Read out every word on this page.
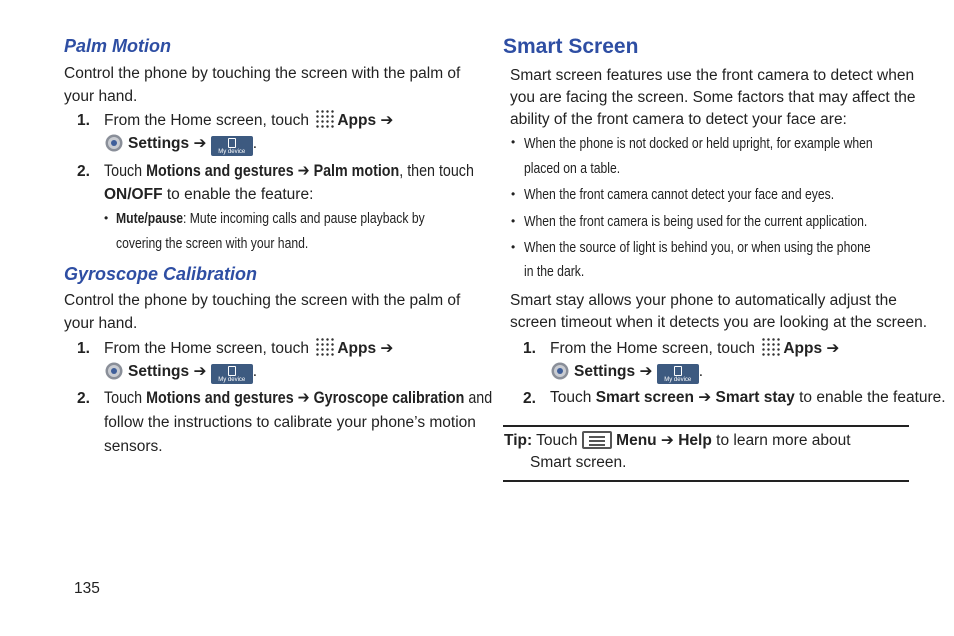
Palm Motion
Control the phone by touching the screen with the palm of
your hand.
1. From the Home screen, touch Apps ➔
Settings ➔ My device .
2. Touch Motions and gestures ➔ Palm motion, then touch
ON/OFF to enable the feature:
• Mute/pause: Mute incoming calls and pause playback by
covering the screen with your hand.
Gyroscope Calibration
Control the phone by touching the screen with the palm of
your hand.
1. From the Home screen, touch Apps ➔
Settings ➔ My device .
2. Touch Motions and gestures ➔ Gyroscope calibration and
follow the instructions to calibrate your phone’s motion
sensors.
Smart Screen
Smart screen features use the front camera to detect when
you are facing the screen. Some factors that may affect the
ability of the front camera to detect your face are:
• When the phone is not docked or held upright, for example when
placed on a table.
• When the front camera cannot detect your face and eyes.
• When the front camera is being used for the current application.
• When the source of light is behind you, or when using the phone
in the dark.
Smart stay allows your phone to automatically adjust the
screen timeout when it detects you are looking at the screen.
1. From the Home screen, touch Apps ➔
Settings ➔ My device .
2. Touch Smart screen ➔ Smart stay to enable the feature.
Tip: Touch Menu ➔ Help to learn more about
Smart screen.
135
